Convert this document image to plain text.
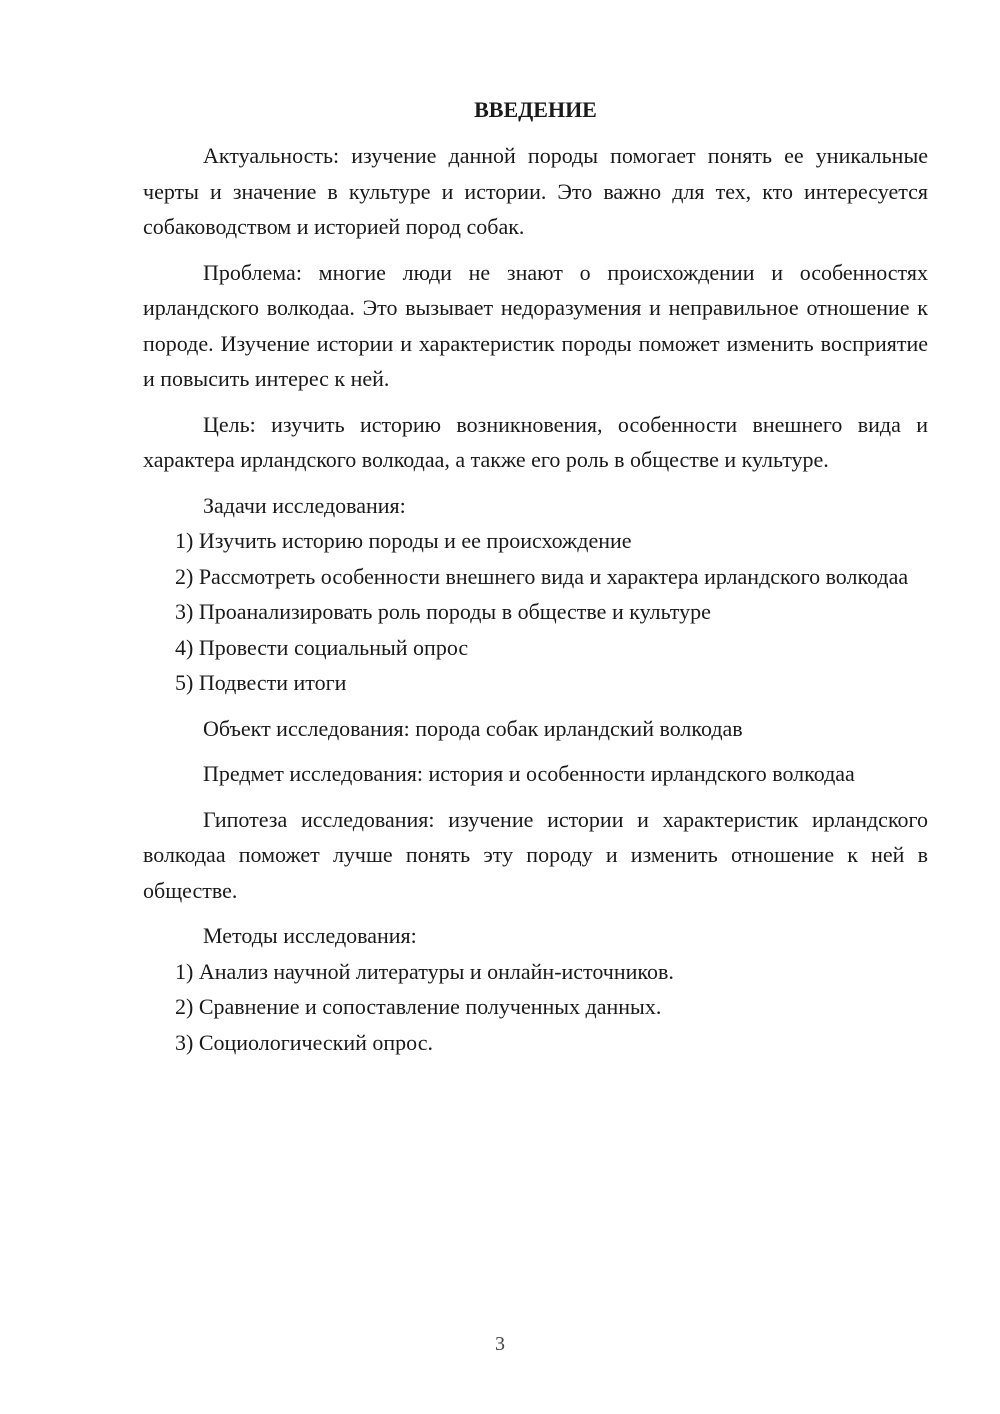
ВВЕДЕНИЕ

Актуальность: изучение данной породы помогает понять ее уникальные черты и значение в культуре и истории. Это важно для тех, кто интересуется собаководством и историей пород собак.

Проблема: многие люди не знают о происхождении и особенностях ирландского волкодаа. Это вызывает недоразумения и неправильное отношение к породе. Изучение истории и характеристик породы поможет изменить восприятие и повысить интерес к ней.

Цель: изучить историю возникновения, особенности внешнего вида и характера ирландского волкодаа, а также его роль в обществе и культуре.

Задачи исследования:

1) Изучить историю породы и ее происхождение

2) Рассмотреть особенности внешнего вида и характера ирландского волкодаа

3) Проанализировать роль породы в обществе и культуре

4) Провести социальный опрос

5) Подвести итоги

Объект исследования: порода собак ирландский волкодав

Предмет исследования: история и особенности ирландского волкодаа

Гипотеза исследования: изучение истории и характеристик ирландского волкодаа поможет лучше понять эту породу и изменить отношение к ней в обществе.

Методы исследования:

1) Анализ научной литературы и онлайн-источников.

2) Сравнение и сопоставление полученных данных.

3) Социологический опрос.

3
